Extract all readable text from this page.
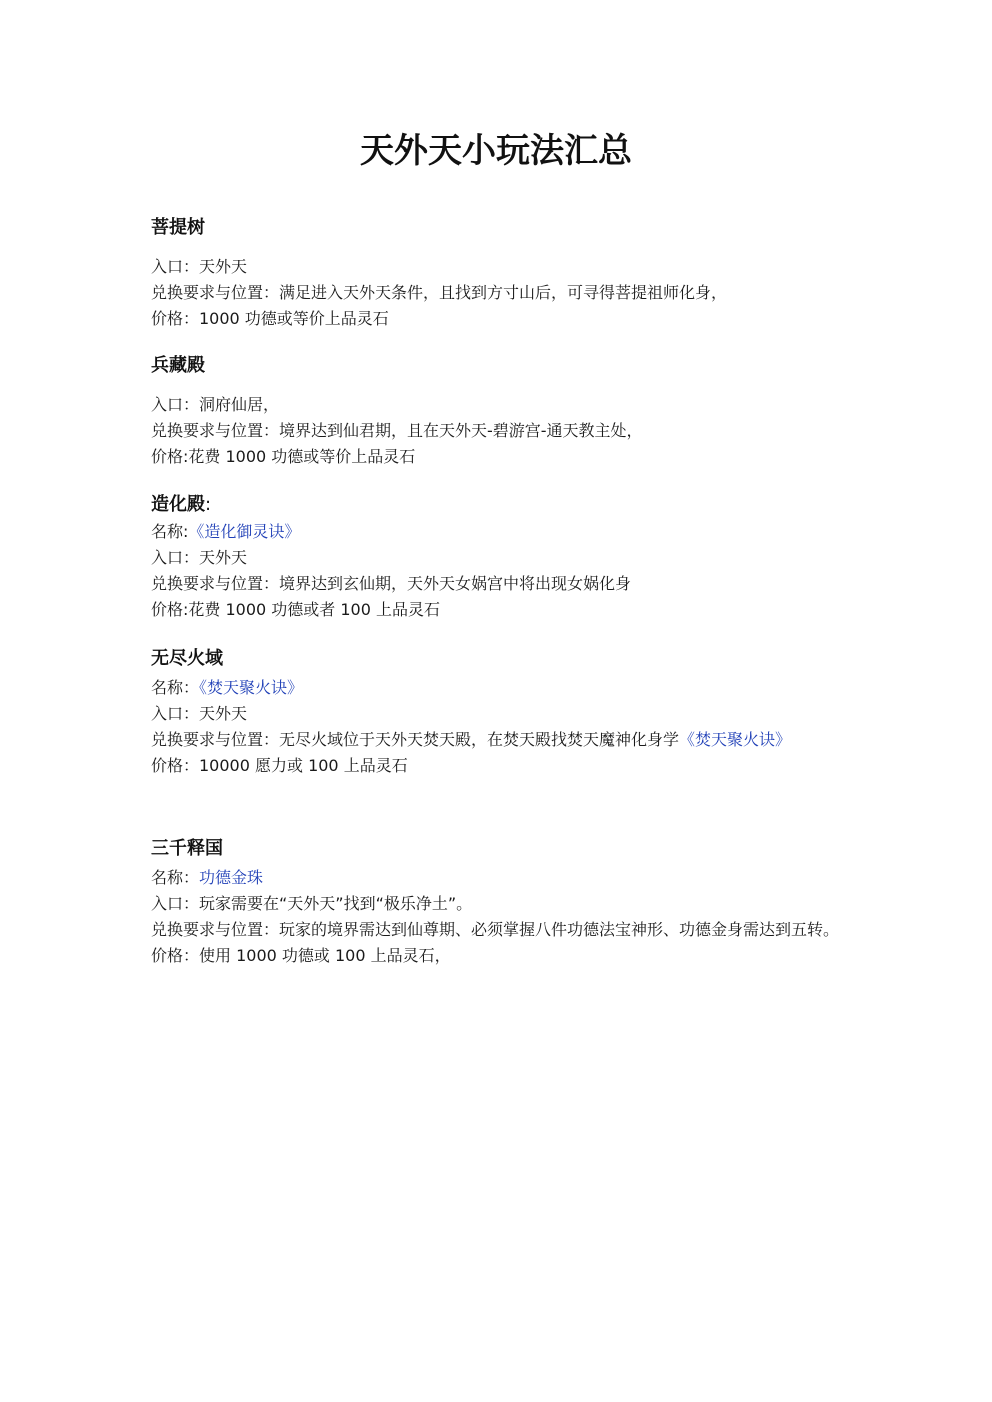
天外天小玩法汇总
菩提树
入口：天外天
兑换要求与位置：满足进入天外天条件，且找到方寸山后，可寻得菩提祖师化身，
价格：1000 功德或等价上品灵石
兵藏殿
入口：洞府仙居，
兑换要求与位置：境界达到仙君期，且在天外天-碧游宫-通天教主处，
价格:花费 1000 功德或等价上品灵石
造化殿:
名称:《造化御灵诀》
入口：天外天
兑换要求与位置：境界达到玄仙期，天外天女娲宫中将出现女娲化身
价格:花费 1000 功德或者 100 上品灵石
无尽火域
名称：《焚天聚火诀》
入口：天外天
兑换要求与位置：无尽火域位于天外天焚天殿，在焚天殿找焚天魔神化身学《焚天聚火诀》
价格：10000 愿力或 100 上品灵石
三千释国
名称：功德金珠
入口：玩家需要在“天外天”找到“极乐净土”。
兑换要求与位置：玩家的境界需达到仙尊期、必须掌握八件功德法宝神形、功德金身需达到五转。
价格：使用 1000 功德或 100 上品灵石，
